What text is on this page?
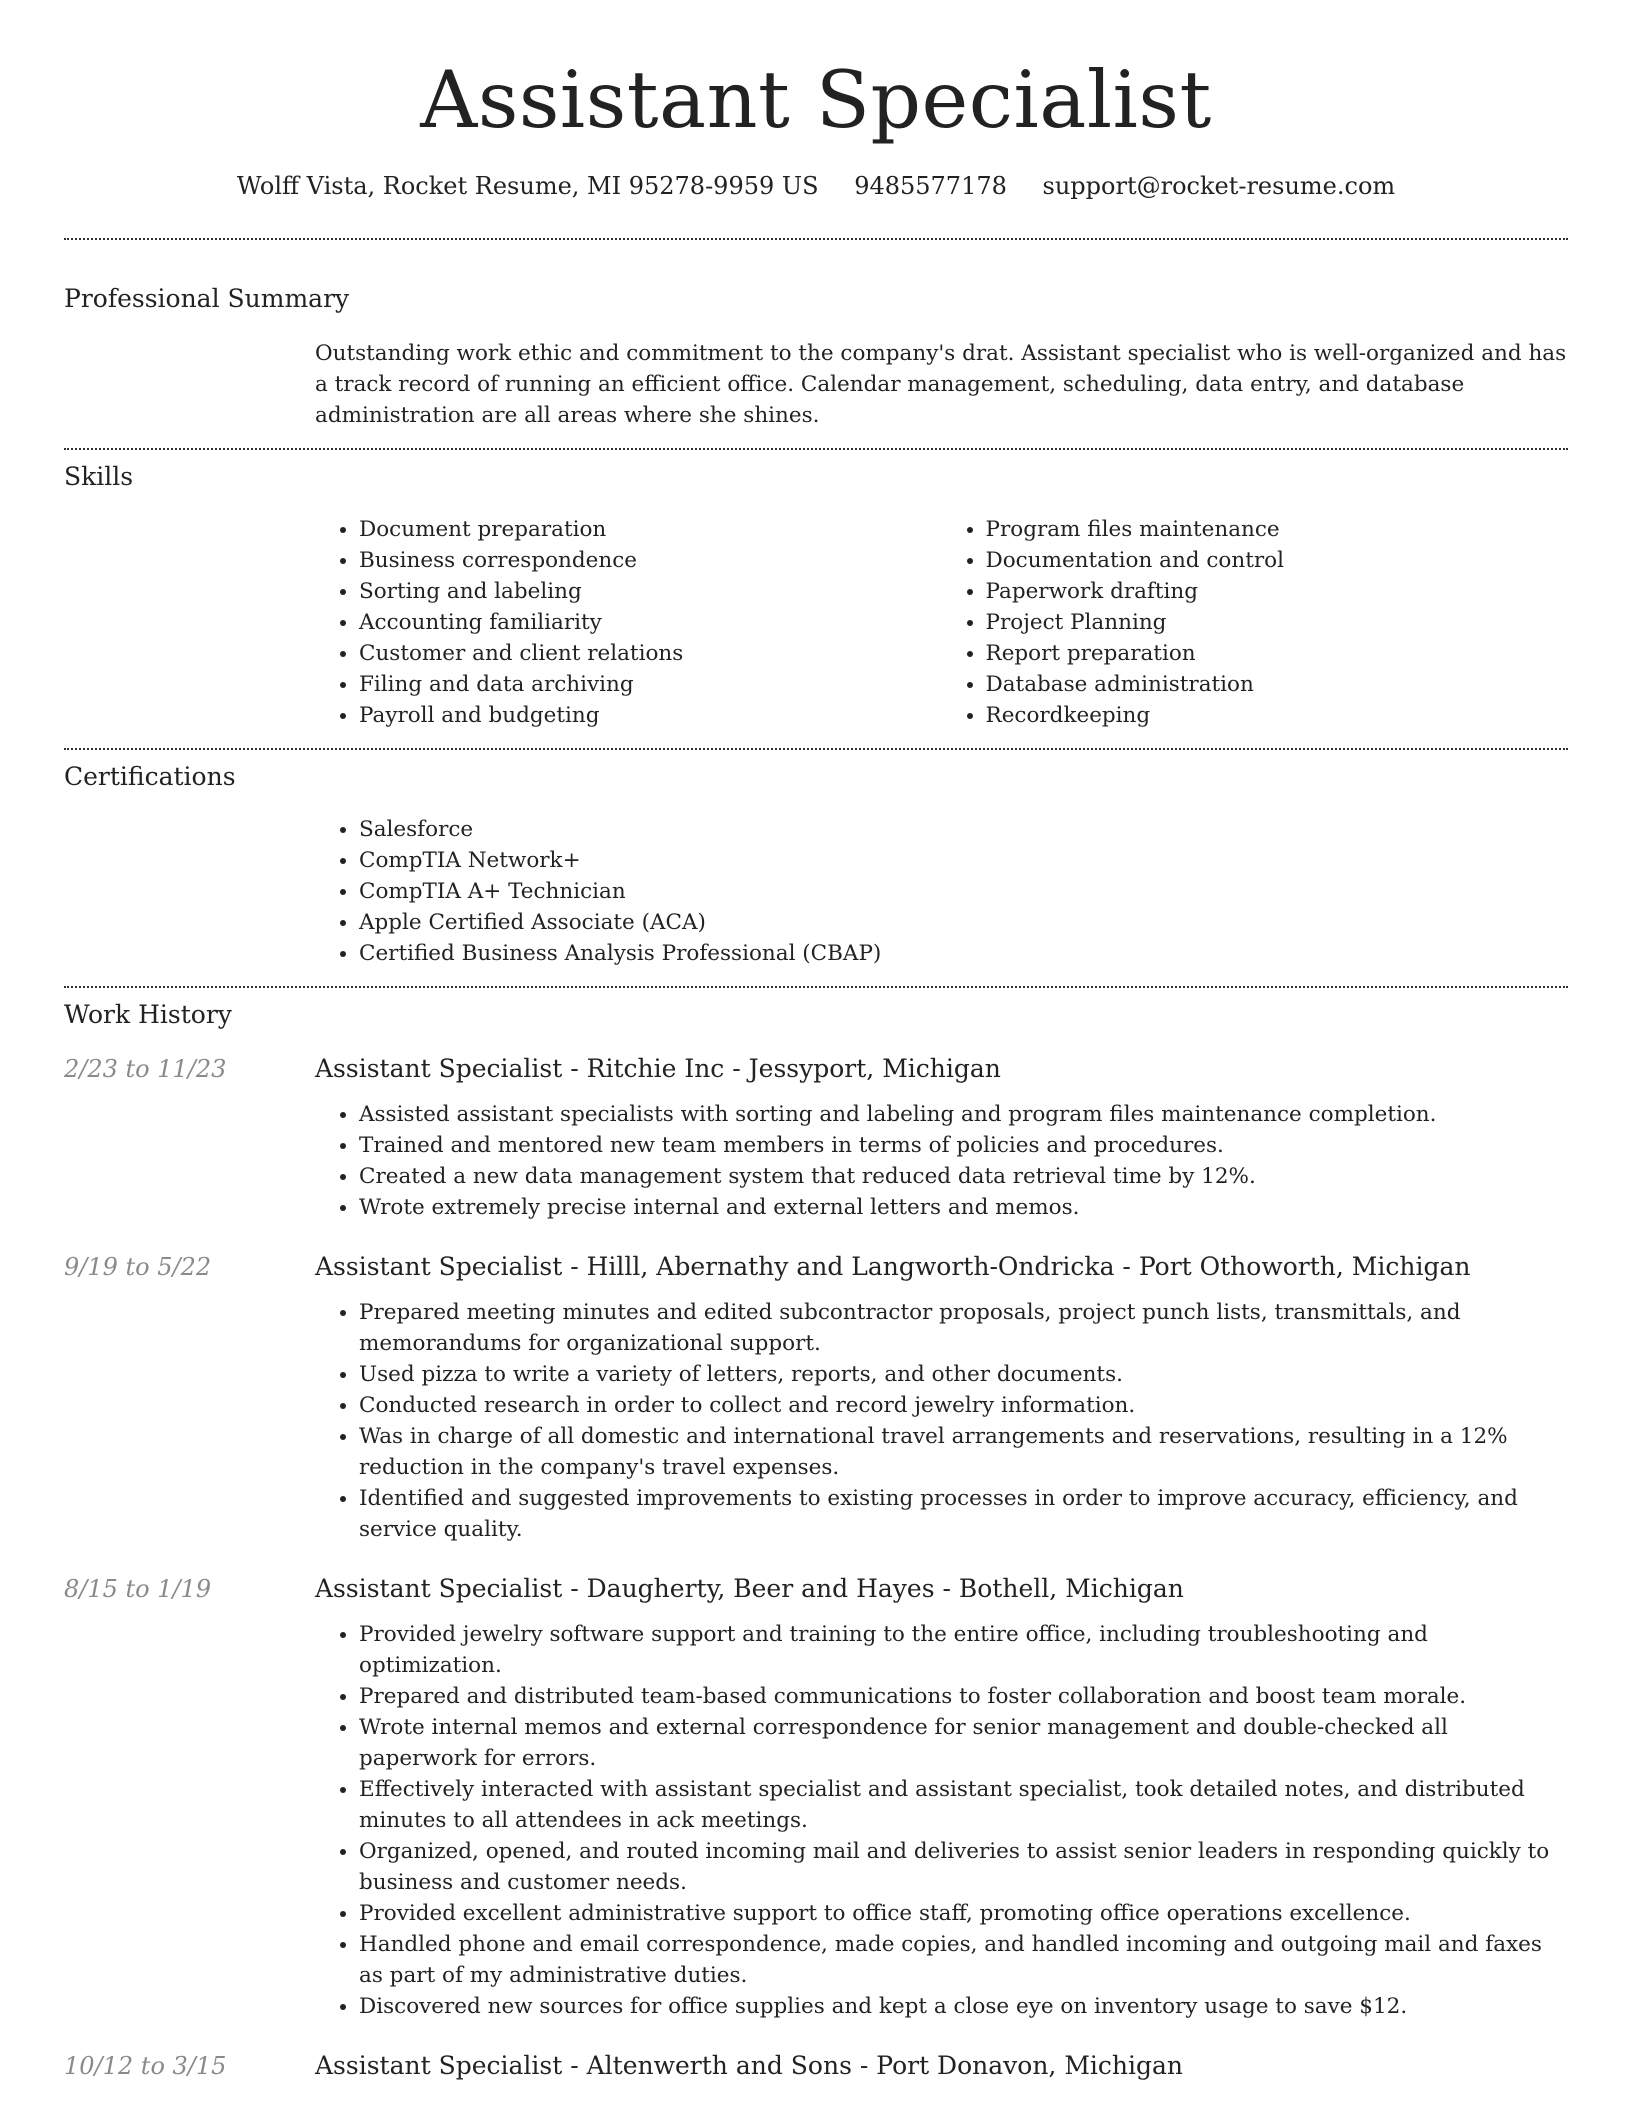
Assistant Specialist
Wolff Vista, Rocket Resume, MI 95278-9959 US 9485577178 support@rocket-resume.com
Professional Summary

Outstanding work ethic and commitment to the company's drat. Assistant specialist who is well-organized and has a track record of running an efficient office. Calendar management, scheduling, data entry, and database administration are all areas where she shines.

Skills
• Document preparation
• Business correspondence
• Sorting and labeling
• Accounting familiarity
• Customer and client relations
• Filing and data archiving
• Payroll and budgeting
• Program files maintenance
• Documentation and control
• Paperwork drafting
• Project Planning
• Report preparation
• Database administration
• Recordkeeping
Certifications
• Salesforce
• CompTIA Network+
• CompTIA A+ Technician
• Apple Certified Associate (ACA)
• Certified Business Analysis Professional (CBAP)
Work History
2/23 to 11/23	Assistant Specialist - Ritchie Inc - Jessyport, Michigan
• Assisted assistant specialists with sorting and labeling and program files maintenance completion.
• Trained and mentored new team members in terms of policies and procedures.
• Created a new data management system that reduced data retrieval time by 12%.
• Wrote extremely precise internal and external letters and memos.
9/19 to 5/22	Assistant Specialist - Hilll, Abernathy and Langworth-Ondricka - Port Othoworth, Michigan
• Prepared meeting minutes and edited subcontractor proposals, project punch lists, transmittals, and memorandums for organizational support.
• Used pizza to write a variety of letters, reports, and other documents.
• Conducted research in order to collect and record jewelry information.
• Was in charge of all domestic and international travel arrangements and reservations, resulting in a 12% reduction in the company's travel expenses.
• Identified and suggested improvements to existing processes in order to improve accuracy, efficiency, and service quality.
8/15 to 1/19	Assistant Specialist - Daugherty, Beer and Hayes - Bothell, Michigan
• Provided jewelry software support and training to the entire office, including troubleshooting and optimization.
• Prepared and distributed team-based communications to foster collaboration and boost team morale.
• Wrote internal memos and external correspondence for senior management and double-checked all paperwork for errors.
• Effectively interacted with assistant specialist and assistant specialist, took detailed notes, and distributed minutes to all attendees in ack meetings.
• Organized, opened, and routed incoming mail and deliveries to assist senior leaders in responding quickly to business and customer needs.
• Provided excellent administrative support to office staff, promoting office operations excellence.
• Handled phone and email correspondence, made copies, and handled incoming and outgoing mail and faxes as part of my administrative duties.
• Discovered new sources for office supplies and kept a close eye on inventory usage to save $12.
10/12 to 3/15	Assistant Specialist - Altenwerth and Sons - Port Donavon, Michigan
